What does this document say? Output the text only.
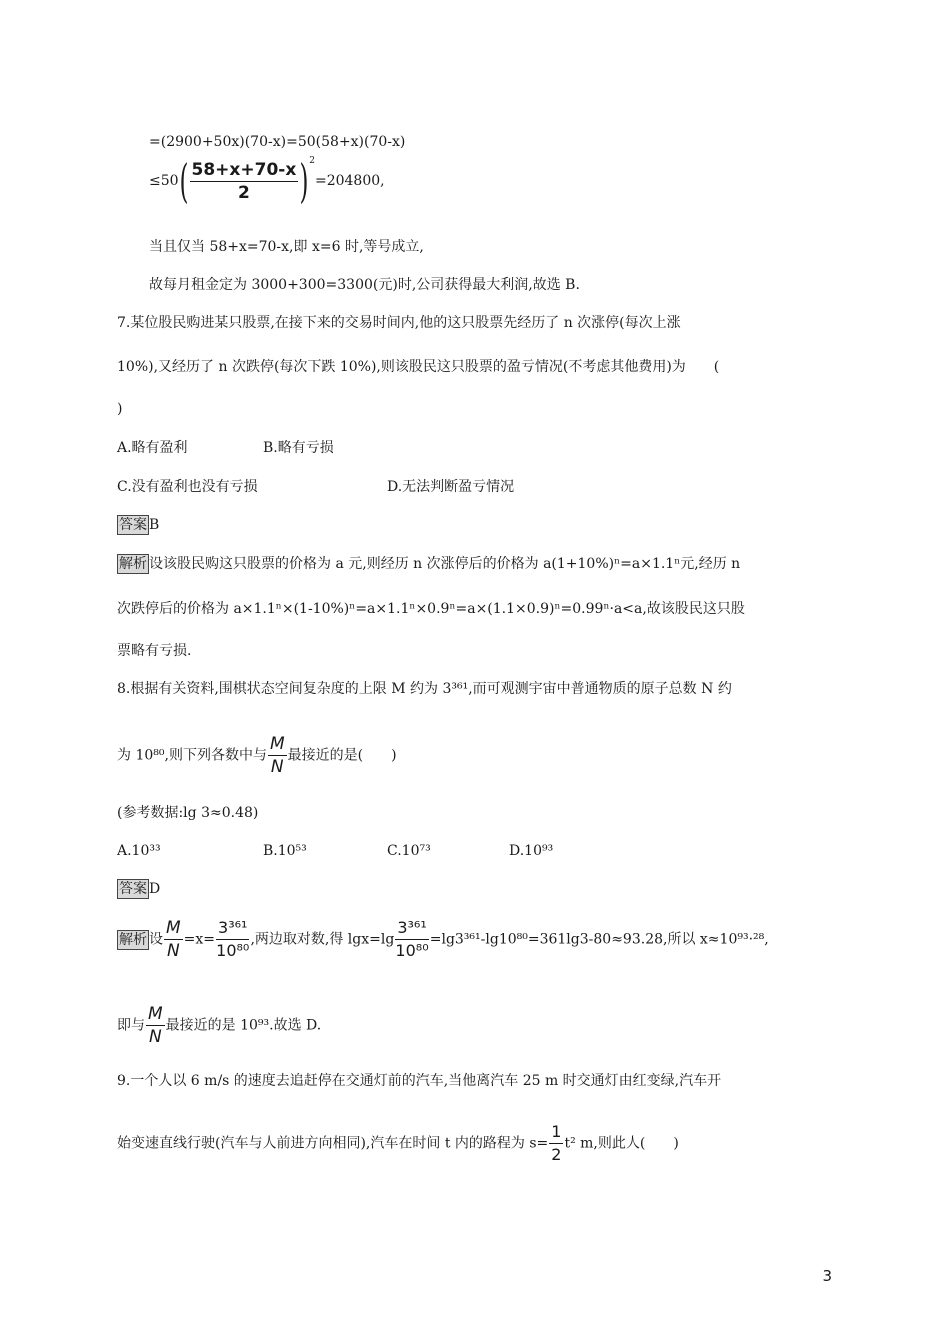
=(2900+50x)(70-x)=50(58+x)(70-x)
$\le 50( \frac{58+x+70-x}{2} )^2=204800$,
当且仅当 58+x=70-x,即 x=6 时,等号成立,
故每月租金定为 3000+300=3300(元)时,公司获得最大利润,故选 B.
7.某位股民购进某只股票,在接下来的交易时间内,他的这只股票先经历了 n 次涨停(每次上涨
10%),又经历了 n 次跌停(每次下跌 10%),则该股民这只股票的盈亏情况(不考虑其他费用)为　　(
)
A.略有盈利	B.略有亏损
C.没有盈利也没有亏损	D.无法判断盈亏情况
答案 B
解析 设该股民购这只股票的价格为 a 元,则经历 n 次涨停后的价格为 a(1+10%)ⁿ=a×1.1ⁿ元,经历 n
次跌停后的价格为 a×1.1ⁿ×(1-10%)ⁿ=a×1.1ⁿ×0.9ⁿ=a×(1.1×0.9)ⁿ=0.99ⁿ·a<a,故该股民这只股
票略有亏损.
8.根据有关资料,围棋状态空间复杂度的上限 M 约为 3³⁶¹,而可观测宇宙中普通物质的原子总数 N 约
为 10⁸⁰,则下列各数中与 $\frac{M}{N}$ 最接近的是(　　)
(参考数据:lg 3≈0.48)
A.10³³	B.10⁵³	C.10⁷³	D.10⁹³
答案 D
解析 设 $\frac{M}{N} =x= \frac{\text{3³⁶¹}}{\text{10⁸⁰}}$ ,两边取对数,得 $\lg x=\lg \frac{\text{3³⁶¹}}{\text{10⁸⁰}} =\lg 3^{361}-\lg 10^{80}=361\lg 3-80\approx 93.28$,所以 x≈10⁹³·²⁸,
即与 $\frac{M}{N}$ 最接近的是 10⁹³.故选 D.
9.一个人以 6 m/s 的速度去追赶停在交通灯前的汽车,当他离汽车 25 m 时交通灯由红变绿,汽车开
始变速直线行驶(汽车与人前进方向相同),汽车在时间 t 内的路程为 $s= \frac{1}{2} t^2$ m,则此人(　　)
3
